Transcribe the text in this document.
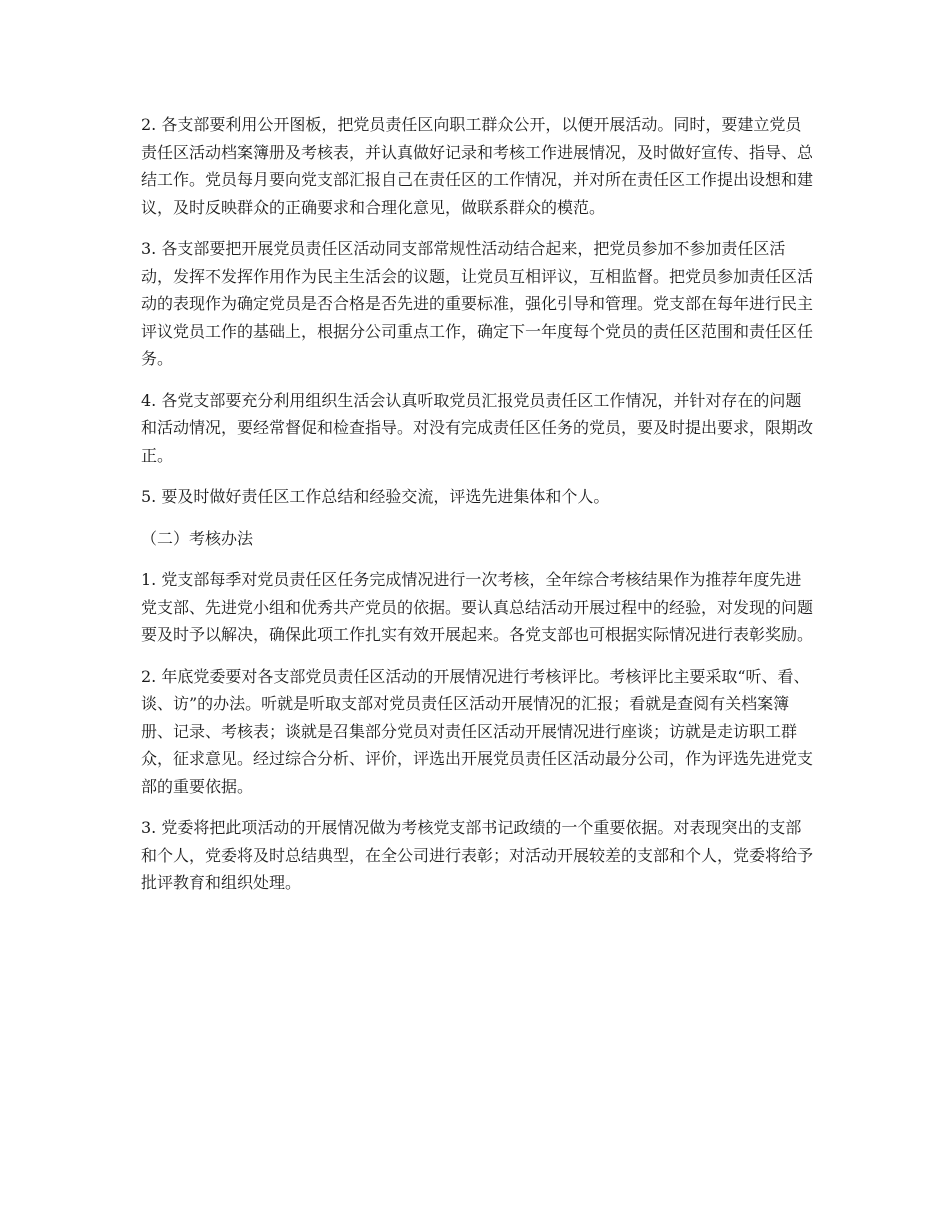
2. 各支部要利用公开图板，把党员责任区向职工群众公开，以便开展活动。同时，要建立党员责任区活动档案簿册及考核表，并认真做好记录和考核工作进展情况，及时做好宣传、指导、总结工作。党员每月要向党支部汇报自己在责任区的工作情况，并对所在责任区工作提出设想和建议，及时反映群众的正确要求和合理化意见，做联系群众的模范。

3. 各支部要把开展党员责任区活动同支部常规性活动结合起来，把党员参加不参加责任区活动，发挥不发挥作用作为民主生活会的议题，让党员互相评议，互相监督。把党员参加责任区活动的表现作为确定党员是否合格是否先进的重要标准，强化引导和管理。党支部在每年进行民主评议党员工作的基础上，根据分公司重点工作，确定下一年度每个党员的责任区范围和责任区任务。

4. 各党支部要充分利用组织生活会认真听取党员汇报党员责任区工作情况，并针对存在的问题和活动情况，要经常督促和检查指导。对没有完成责任区任务的党员，要及时提出要求，限期改正。

5. 要及时做好责任区工作总结和经验交流，评选先进集体和个人。

（二）考核办法

1. 党支部每季对党员责任区任务完成情况进行一次考核，全年综合考核结果作为推荐年度先进党支部、先进党小组和优秀共产党员的依据。要认真总结活动开展过程中的经验，对发现的问题要及时予以解决，确保此项工作扎实有效开展起来。各党支部也可根据实际情况进行表彰奖励。

2. 年底党委要对各支部党员责任区活动的开展情况进行考核评比。考核评比主要采取“听、看、谈、访”的办法。听就是听取支部对党员责任区活动开展情况的汇报；看就是查阅有关档案簿册、记录、考核表；谈就是召集部分党员对责任区活动开展情况进行座谈；访就是走访职工群众，征求意见。经过综合分析、评价，评选出开展党员责任区活动最分公司，作为评选先进党支部的重要依据。

3. 党委将把此项活动的开展情况做为考核党支部书记政绩的一个重要依据。对表现突出的支部和个人，党委将及时总结典型，在全公司进行表彰；对活动开展较差的支部和个人，党委将给予批评教育和组织处理。
